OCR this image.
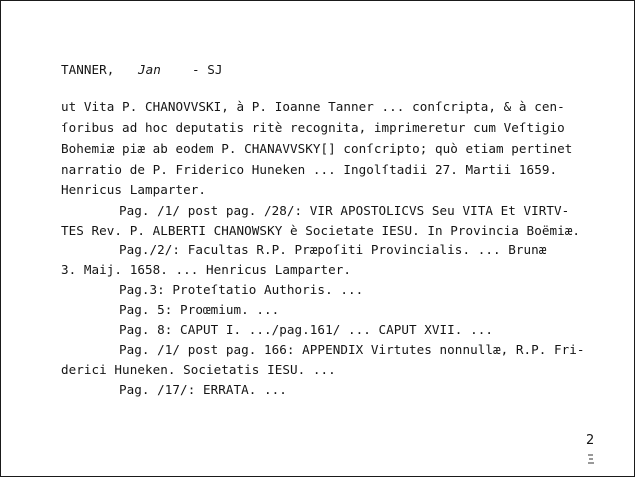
TANNER, Jan - SJ
ut Vita P. CHANOVVSKI, à P. Ioanne Tanner ... conſcripta, & à cen-
ſoribus ad hoc deputatis ritè recognita, imprimeretur cum Veſtigio
Bohemiæ piæ ab eodem P. CHANAVVSKY[] conſcripto; quò etiam pertinet
narratio de P. Friderico Huneken ... Ingolſtadii 27. Martii 1659.
Henricus Lamparter.
Pag. /1/ post pag. /28/: VIR APOSTOLICVS Seu VITA Et VIRTV-
TES Rev. P. ALBERTI CHANOWSKY è Societate IESU. In Provincia Boëmiæ.
Pag./2/: Facultas R.P. Præpoſiti Provincialis. ... Brunæ
3. Maij. 1658. ... Henricus Lamparter.
Pag.3: Proteſtatio Authoris. ...
Pag. 5: Proœmium. ...
Pag. 8: CAPUT I. .../pag.161/ ... CAPUT XVII. ...
Pag. /1/ post pag. 166: APPENDIX Virtutes nonnullæ, R.P. Fri-
derici Huneken. Societatis IESU. ...
Pag. /17/: ERRATA. ...
2
